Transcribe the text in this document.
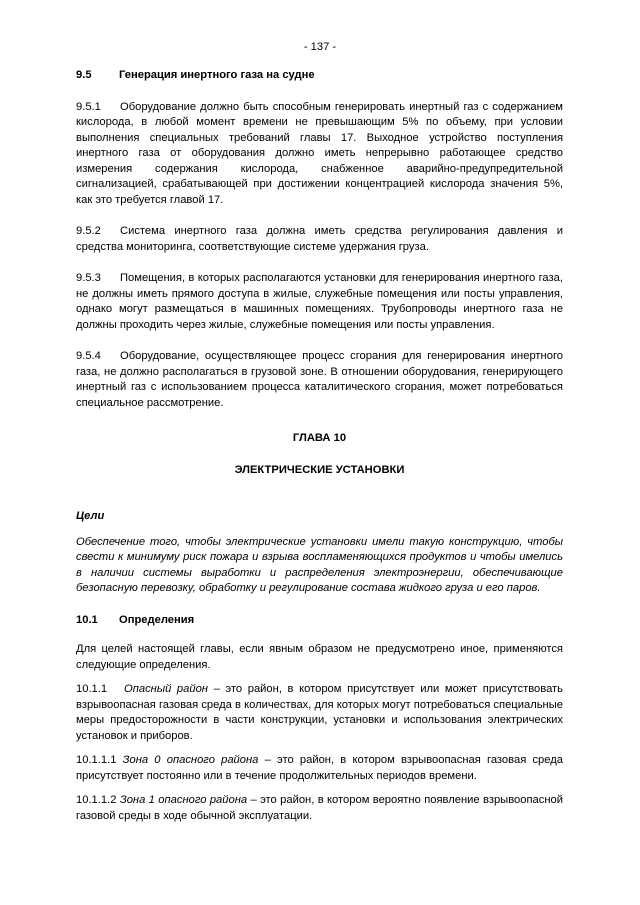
- 137 -
9.5	Генерация инертного газа на судне

9.5.1 Оборудование должно быть способным генерировать инертный газ с содержанием кислорода, в любой момент времени не превышающим 5% по объему, при условии выполнения специальных требований главы 17. Выходное устройство поступления инертного газа от оборудования должно иметь непрерывно работающее средство измерения содержания кислорода, снабженное аварийно-предупредительной сигнализацией, срабатывающей при достижении концентрацией кислорода значения 5%, как это требуется главой 17.

9.5.2 Система инертного газа должна иметь средства регулирования давления и средства мониторинга, соответствующие системе удержания груза.

9.5.3 Помещения, в которых располагаются установки для генерирования инертного газа, не должны иметь прямого доступа в жилые, служебные помещения или посты управления, однако могут размещаться в машинных помещениях. Трубопроводы инертного газа не должны проходить через жилые, служебные помещения или посты управления.

9.5.4 Оборудование, осуществляющее процесс сгорания для генерирования инертного газа, не должно располагаться в грузовой зоне. В отношении оборудования, генерирующего инертный газ с использованием процесса каталитического сгорания, может потребоваться специальное рассмотрение.

ГЛАВА 10
ЭЛЕКТРИЧЕСКИЕ УСТАНОВКИ
Цели

Обеспечение того, чтобы электрические установки имели такую конструкцию, чтобы свести к минимуму риск пожара и взрыва воспламеняющихся продуктов и чтобы имелись в наличии системы выработки и распределения электроэнергии, обеспечивающие безопасную перевозку, обработку и регулирование состава жидкого груза и его паров.

10.1	Определения

Для целей настоящей главы, если явным образом не предусмотрено иное, применяются следующие определения.

10.1.1 Опасный район – это район, в котором присутствует или может присутствовать взрывоопасная газовая среда в количествах, для которых могут потребоваться специальные меры предосторожности в части конструкции, установки и использования электрических установок и приборов.

10.1.1.1 Зона 0 опасного района – это район, в котором взрывоопасная газовая среда присутствует постоянно или в течение продолжительных периодов времени.

10.1.1.2 Зона 1 опасного района – это район, в котором вероятно появление взрывоопасной газовой среды в ходе обычной эксплуатации.
